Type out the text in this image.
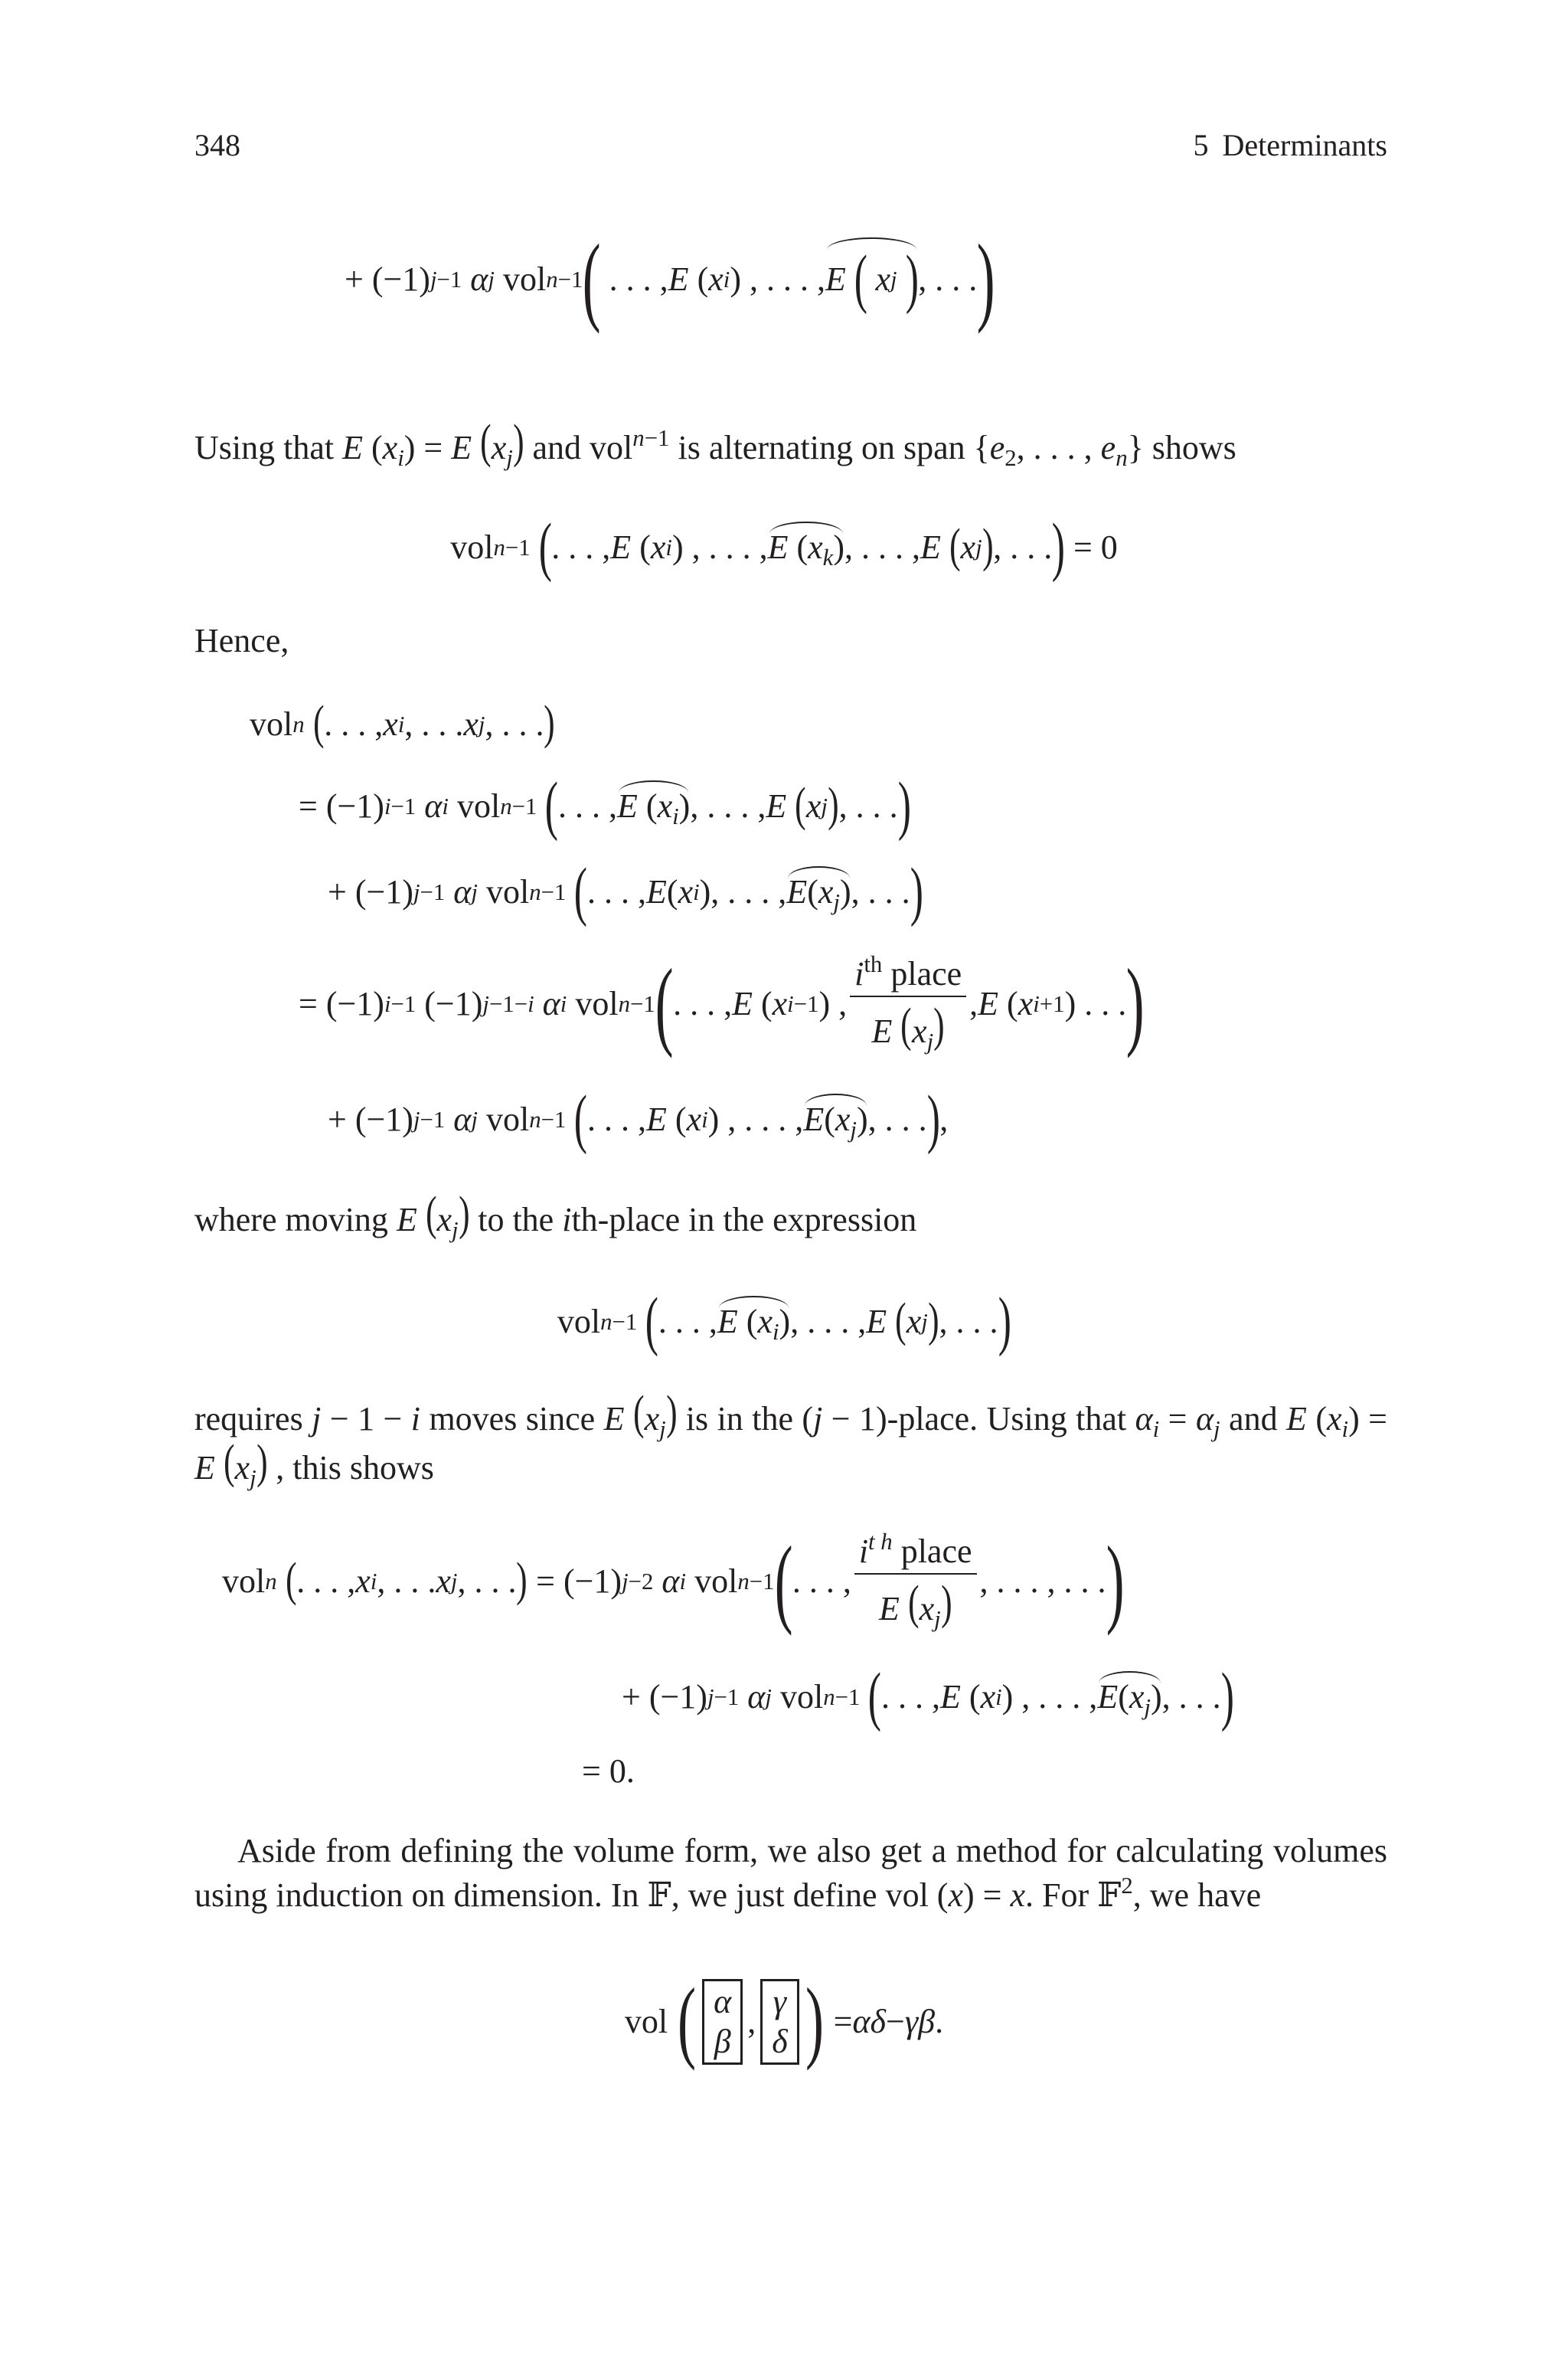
348	5 Determinants
+ (−1) j−1
α j vol n−1 ( . . . , E ( x i ) , . . . , E
(
x j
) , . . . )
Using that E $(x_i) = E$ $(x_j)$ and vol$^{n-1}$ is alternating on span {$e_2$, . . . , $e_n$} shows
vol n−1
( . . . , E ( x i ) , . . . , E $(x_k)$ , . . . , E
( x j ) , . . . ) = 0
Hence,
vol n
( . . . , x i , . . . x j , . . . )
= (−1) i−1
α i vol n−1
( . . . , E $(x_i)$ , . . . , E
( x j ) , . . . )
+ (−1) j−1
α j vol n−1
( . . . , E ( x i ), . . . , $E(x_j)$ , . . . )
= (−1) i−1 (−1) j−1−i
α i vol n−1 ( . . . , E ( x i−1 ) , $\frac{i^{th} place}{E (x_j)}$ , E ( x i+1 ) . . . )
+ (−1) j−1
α j vol n−1
( . . . , E ( x i ) , . . . , $E(x_j)$ , . . . ) ,
where moving E $(x_j)$ to the ith-place in the expression
vol n−1
( . . . , E $(x_i)$ , . . . , E
( x j ) , . . . )
requires j − 1 − i moves since E $(x_j)$ is in the (j − 1)-place. Using that $\alpha_i = \alpha_j$ and E $(x_i) = E$ $(x_j)$ , this shows
vol n
( . . . , x i , . . . x j , . . . ) = (−1) j−2
α i vol n−1 ( . . . , $\frac{i^{t h} place}{E (x_j)}$ , . . . , . . . )
+ (−1) j−1
α j vol n−1
( . . . , E ( x i ) , . . . , $E(x_j)$ , . . . )
= 0.
Aside from defining the volume form, we also get a method for calculating volumes using induction on dimension. In 𝔽, we just define vol (x) = x. For 𝔽$^2$, we have
vol ( α
β
,
γ
δ ) = αδ − γβ .
